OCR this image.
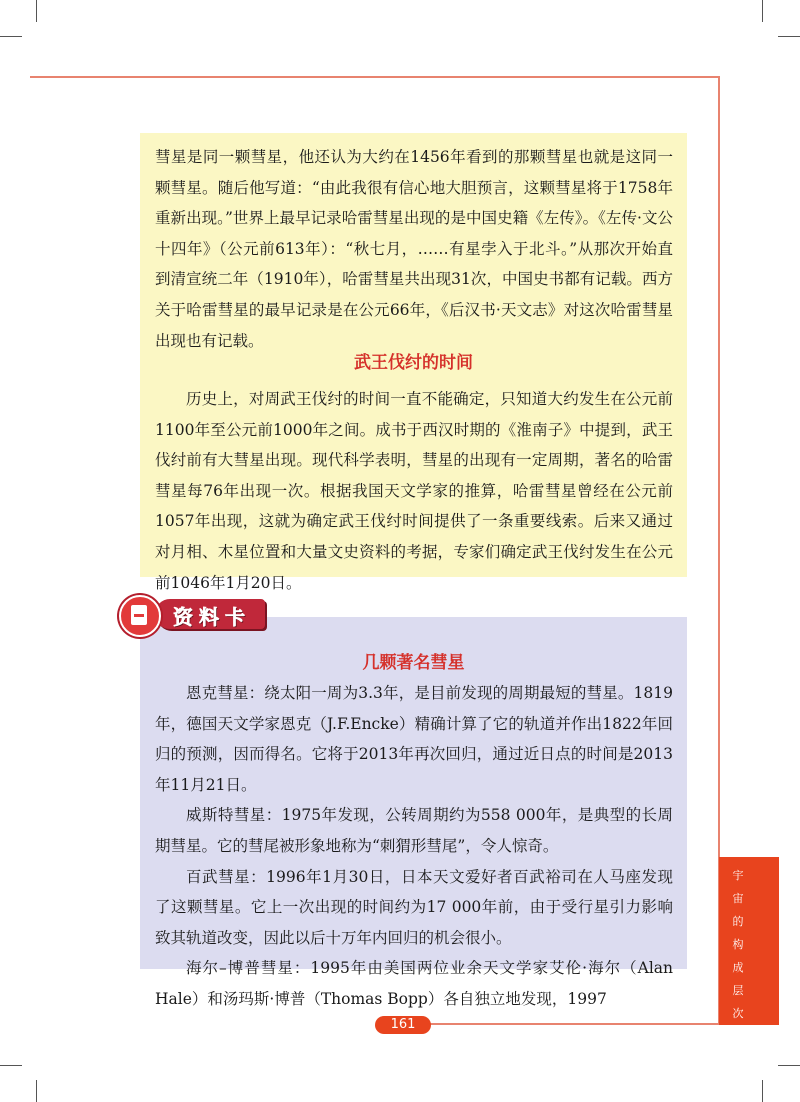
彗星是同一颗彗星，他还认为大约在1456年看到的那颗彗星也就是这同一颗彗星。随后他写道：“由此我很有信心地大胆预言，这颗彗星将于1758年重新出现。”世界上最早记录哈雷彗星出现的是中国史籍《左传》。《左传·文公十四年》（公元前613年）：“秋七月，……有星孛入于北斗。”从那次开始直到清宣统二年（1910年），哈雷彗星共出现31次，中国史书都有记载。西方关于哈雷彗星的最早记录是在公元66年，《后汉书·天文志》对这次哈雷彗星出现也有记载。

武王伐纣的时间

历史上，对周武王伐纣的时间一直不能确定，只知道大约发生在公元前1100年至公元前1000年之间。成书于西汉时期的《淮南子》中提到，武王伐纣前有大彗星出现。现代科学表明，彗星的出现有一定周期，著名的哈雷彗星每76年出现一次。根据我国天文学家的推算，哈雷彗星曾经在公元前1057年出现，这就为确定武王伐纣时间提供了一条重要线索。后来又通过对月相、木星位置和大量文史资料的考据，专家们确定武王伐纣发生在公元前1046年1月20日。

资料卡
几颗著名彗星

恩克彗星：绕太阳一周为3.3年，是目前发现的周期最短的彗星。1819年，德国天文学家恩克（J.F.Encke）精确计算了它的轨道并作出1822年回归的预测，因而得名。它将于2013年再次回归，通过近日点的时间是2013年11月21日。

威斯特彗星：1975年发现，公转周期约为558 000年，是典型的长周期彗星。它的彗尾被形象地称为“刺猬形彗尾”，令人惊奇。

百武彗星：1996年1月30日，日本天文爱好者百武裕司在人马座发现了这颗彗星。它上一次出现的时间约为17 000年前，由于受行星引力影响致其轨道改变，因此以后十万年内回归的机会很小。

海尔–博普彗星：1995年由美国两位业余天文学家艾伦·海尔（Alan Hale）和汤玛斯·博普（Thomas Bopp）各自独立地发现，1997

宇
宙
的
构
成
层
次
161
